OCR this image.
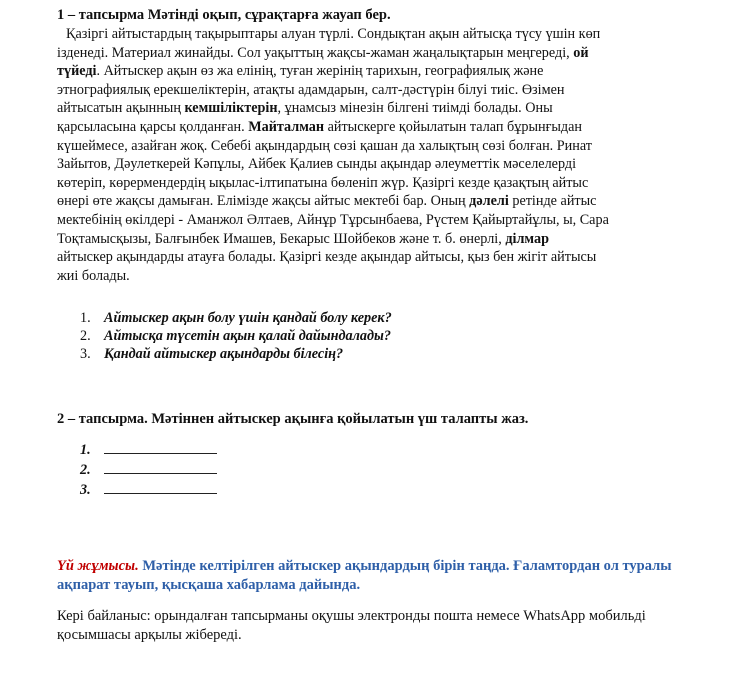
1 – тапсырма Мәтінді оқып, сұрақтарға жауап бер.
Қазіргі айтыстардың тақырыптары алуан түрлі. Сондықтан ақын айтысқа түсу үшін көп
ізденеді. Материал жинайды. Сол уақыттың жақсы-жаман жаңалықтарын меңгереді, ой
түйеді. Айтыскер ақын өз жа елінің, туған жерінің тарихын, географиялық және
этнографиялық ерекшеліктерін, атақты адамдарын, салт-дәстүрін білуі тиіс. Өзімен
айтысатын ақынның кемшіліктерін, ұнамсыз мінезін білгені тиімді болады. Оны
қарсыласына қарсы қолданған. Майталман айтыскерге қойылатын талап бұрынғыдан
күшеймесе, азайған жоқ. Себебі ақындардың сөзі қашан да халықтың сөзі болған. Ринат
Зайытов, Дәулеткерей Кәпұлы, Айбек Қалиев сынды ақындар әлеуметтік мәселелерді
көтеріп, көрермендердің ықылас-ілтипатына бөленіп жүр. Қазіргі кезде қазақтың айтыс
өнері өте жақсы дамыған. Елімізде жақсы айтыс мектебі бар. Оның дәлелі ретінде айтыс
мектебінің өкілдері - Аманжол Әлтаев, Айнұр Тұрсынбаева, Рүстем Қайыртайұлы, ы, Сара
Тоқтамысқызы, Балғынбек Имашев, Бекарыс Шойбеков және т. б. өнерлі, ділмар
айтыскер ақындарды атауға болады. Қазіргі кезде ақындар айтысы, қыз бен жігіт айтысы
жиі болады.
1. Айтыскер ақын болу үшін қандай болу керек?
2. Айтысқа түсетін ақын қалай дайындалады?
3. Қандай айтыскер ақындарды білесің?
2 – тапсырма. Мәтіннен айтыскер ақынға қойылатын үш талапты жаз.
1.
2.
3.
Үй жұмысы. Мәтінде келтірілген айтыскер ақындардың бірін таңда. Ғаламтордан ол туралы ақпарат тауып, қысқаша хабарлама дайында.
Кері байланыс: орындалған тапсырманы оқушы электронды пошта немесе WhatsApp мобильді қосымшасы арқылы жібереді.
